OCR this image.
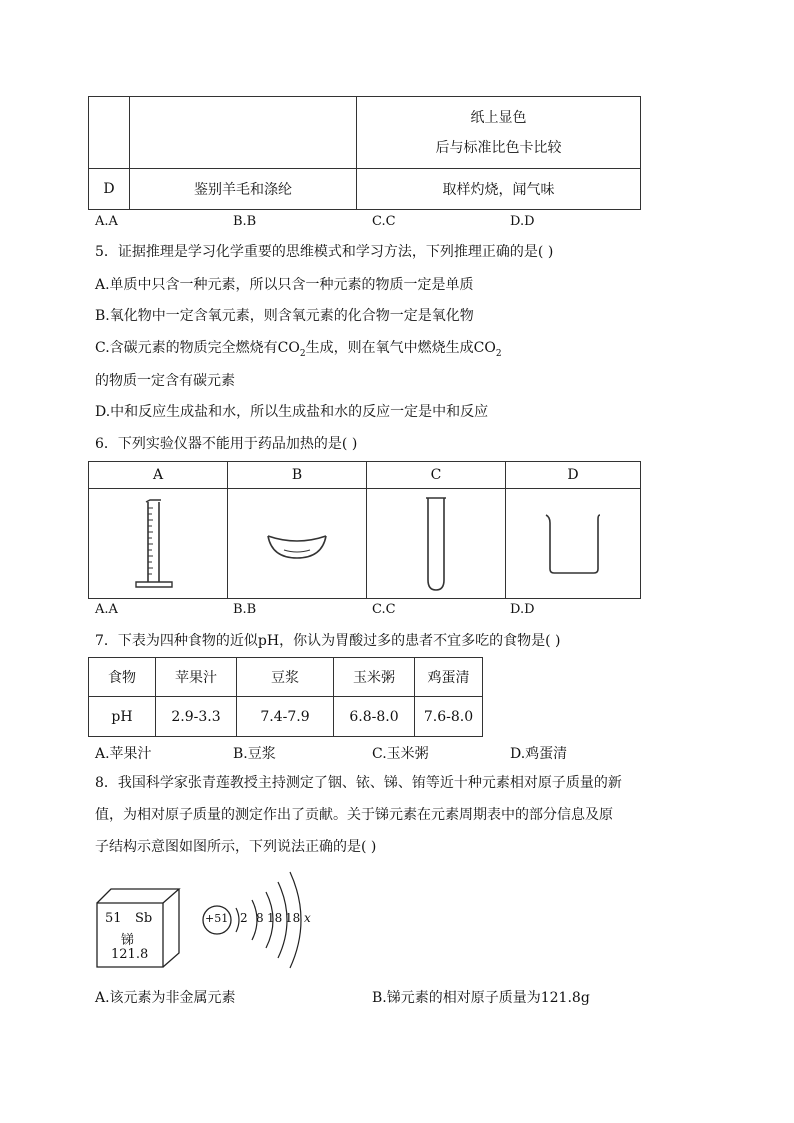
		纸上显色
后与标准比色卡比较

D	鉴别羊毛和涤纶	取样灼烧，闻气味
A.A	B.B	C.C	D.D
5．证据推理是学习化学重要的思维模式和学习方法，下列推理正确的是( )
A.单质中只含一种元素，所以只含一种元素的物质一定是单质
B.氧化物中一定含氧元素，则含氧元素的化合物一定是氧化物
C.含碳元素的物质完全燃烧有$CO_2$生成，则在氧气中燃烧生成$CO_2$
的物质一定含有碳元素
D.中和反应生成盐和水，所以生成盐和水的反应一定是中和反应
6．下列实验仪器不能用于药品加热的是( )
A	B	C	D

A.A	B.B	C.C	D.D
7．下表为四种食物的近似pH，你认为胃酸过多的患者不宜多吃的食物是( )
食物	苹果汁	豆浆	玉米粥	鸡蛋清
pH	2.9-3.3	7.4-7.9	6.8-8.0	7.6-8.0
A.苹果汁	B.豆浆	C.玉米粥	D.鸡蛋清
8．我国科学家张青莲教授主持测定了铟、铱、锑、铕等近十种元素相对原子质量的新
值，为相对原子质量的测定作出了贡献。关于锑元素在元素周期表中的部分信息及原
子结构示意图如图所示，下列说法正确的是( )
51 Sb
锑
121.8
+51 2 8 18 18 x
A.该元素为非金属元素	B.锑元素的相对原子质量为121.8g
